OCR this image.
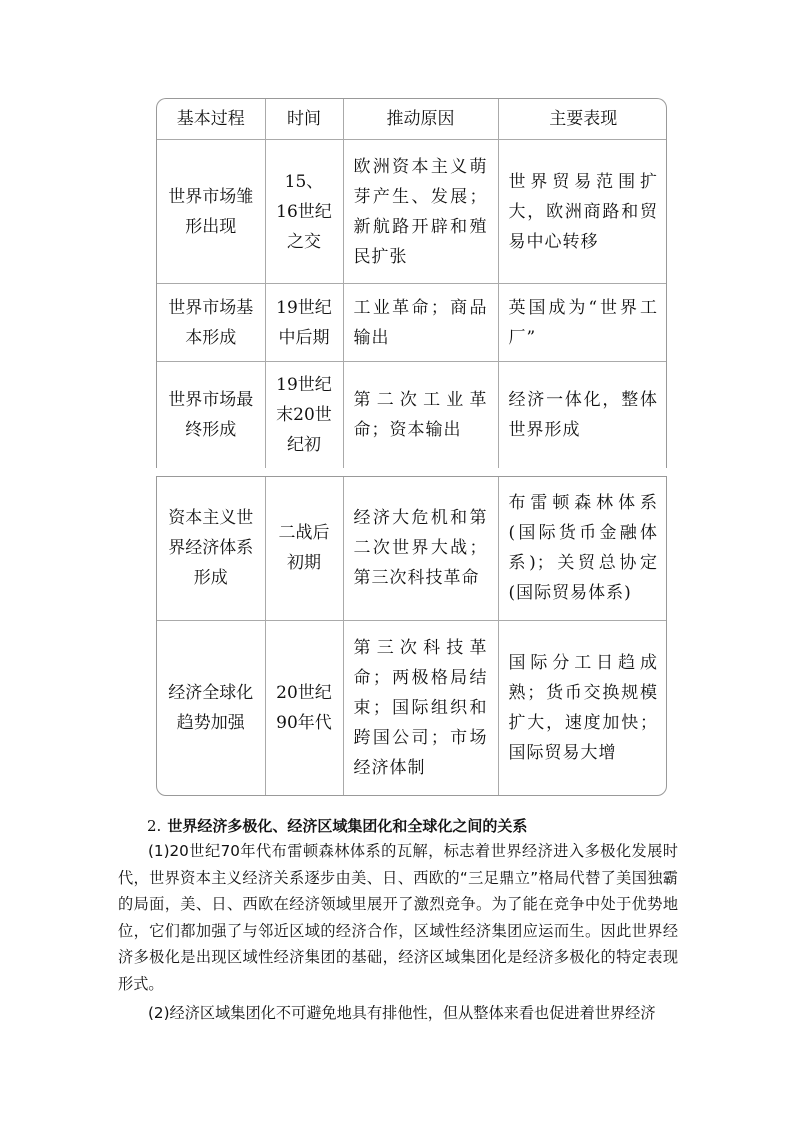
基本过程	时间	推动原因	主要表现
世界市场雏形出现	15、16世纪之交	欧洲资本主义萌芽产生、发展；新航路开辟和殖民扩张	世界贸易范围扩大，欧洲商路和贸易中心转移
世界市场基本形成	19世纪中后期	工业革命；商品输出	英国成为“世界工厂”
世界市场最终形成	19世纪末20世纪初	第二次工业革命；资本输出	经济一体化，整体世界形成
资本主义世界经济体系形成	二战后初期	经济大危机和第二次世界大战；第三次科技革命	布雷顿森林体系(国际货币金融体系)；关贸总协定(国际贸易体系)
经济全球化趋势加强	20世纪90年代	第三次科技革命；两极格局结束；国际组织和跨国公司；市场经济体制	国际分工日趋成熟；货币交换规模扩大，速度加快；国际贸易大增
2. 世界经济多极化、经济区域集团化和全球化之间的关系
(1)20世纪70年代布雷顿森林体系的瓦解，标志着世界经济进入多极化发展时代，世界资本主义经济关系逐步由美、日、西欧的“三足鼎立”格局代替了美国独霸的局面，美、日、西欧在经济领域里展开了激烈竞争。为了能在竞争中处于优势地位，它们都加强了与邻近区域的经济合作，区域性经济集团应运而生。因此世界经济多极化是出现区域性经济集团的基础，经济区域集团化是经济多极化的特定表现形式。
(2)经济区域集团化不可避免地具有排他性，但从整体来看也促进着世界经济
